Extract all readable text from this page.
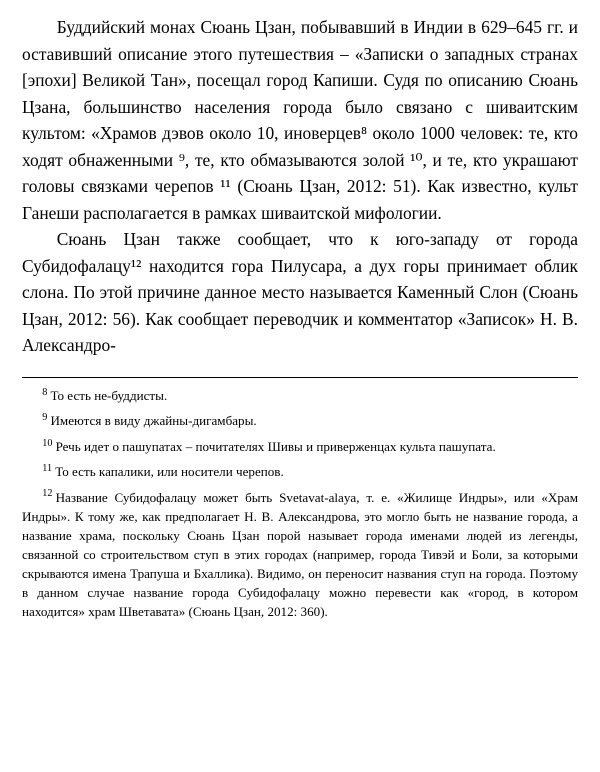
Буддийский монах Сюань Цзан, побывавший в Индии в 629–645 гг. и оставивший описание этого путешествия – «Записки о западных странах [эпохи] Великой Тан», посещал город Капиши. Судя по описанию Сюань Цзана, большинство населения города было связано с шиваитским культом: «Храмов дэвов около 10, иноверцев⁸ около 1000 человек: те, кто ходят обнаженными ⁹, те, кто обмазываются золой ¹⁰, и те, кто украшают головы связками черепов ¹¹ (Сюань Цзан, 2012: 51). Как известно, культ Ганеши располагается в рамках шиваитской мифологии.

Сюань Цзан также сообщает, что к юго-западу от города Субидофалацу¹² находится гора Пилусара, а дух горы принимает облик слона. По этой причине данное место называется Каменный Слон (Сюань Цзан, 2012: 56). Как сообщает переводчик и комментатор «Записок» Н. В. Александро-

$^8$ То есть не-буддисты.

$^9$ Имеются в виду джайны-дигамбары.

$^{10}$ Речь идет о пашупатах – почитателях Шивы и приверженцах культа пашупата.

$^{11}$ То есть капалики, или носители черепов.

$^{12}$ Название Субидофалацу может быть Svetavat-alaya, т. е. «Жилище Индры», или «Храм Индры». К тому же, как предполагает Н. В. Александрова, это могло быть не название города, а название храма, поскольку Сюань Цзан порой называет города именами людей из легенды, связанной со строительством ступ в этих городах (например, города Тивэй и Боли, за которыми скрываются имена Трапуша и Бхаллика). Видимо, он переносит названия ступ на города. Поэтому в данном случае название города Субидофалацу можно перевести как «город, в котором находится» храм Шветавата» (Сюань Цзан, 2012: 360).
